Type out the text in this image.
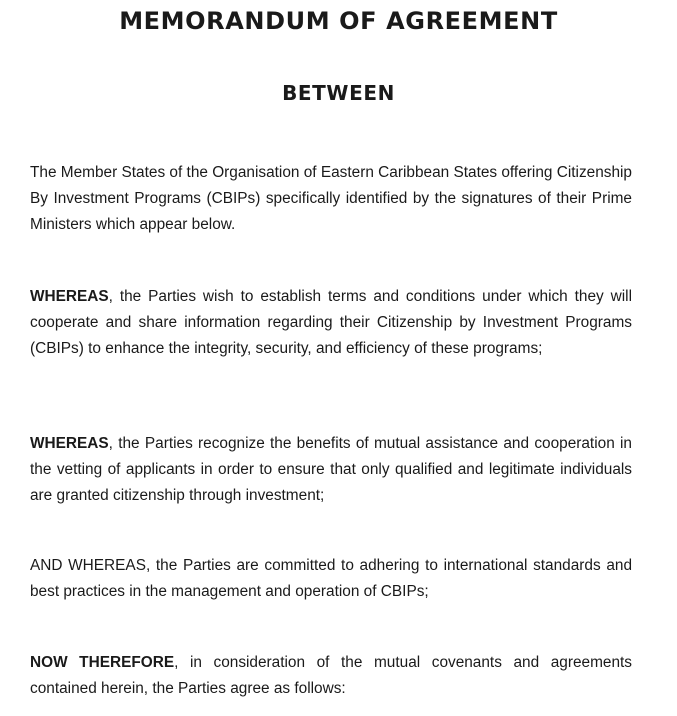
MEMORANDUM OF AGREEMENT
BETWEEN

The Member States of the Organisation of Eastern Caribbean States offering Citizenship By Investment Programs (CBIPs) specifically identified by the signatures of their Prime Ministers which appear below.

WHEREAS, the Parties wish to establish terms and conditions under which they will cooperate and share information regarding their Citizenship by Investment Programs (CBIPs) to enhance the integrity, security, and efficiency of these programs;

WHEREAS, the Parties recognize the benefits of mutual assistance and cooperation in the vetting of applicants in order to ensure that only qualified and legitimate individuals are granted citizenship through investment;

AND WHEREAS, the Parties are committed to adhering to international standards and best practices in the management and operation of CBIPs;

NOW THEREFORE, in consideration of the mutual covenants and agreements contained herein, the Parties agree as follows:
